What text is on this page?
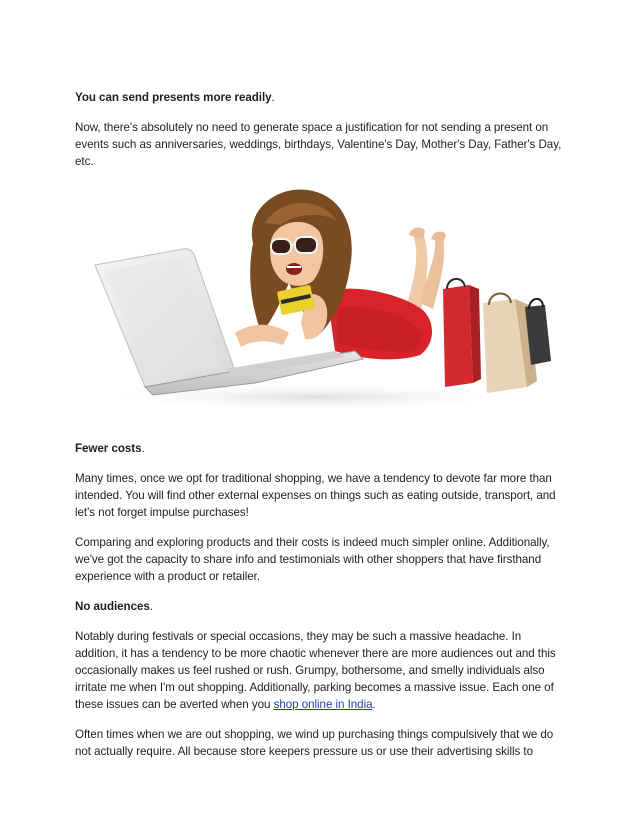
You can send presents more readily.

Now, there's absolutely no need to generate space a justification for not sending a present on events such as anniversaries, weddings, birthdays, Valentine's Day, Mother's Day, Father's Day, etc.

Fewer costs.

Many times, once we opt for traditional shopping, we have a tendency to devote far more than intended. You will find other external expenses on things such as eating outside, transport, and let's not forget impulse purchases!

Comparing and exploring products and their costs is indeed much simpler online. Additionally, we've got the capacity to share info and testimonials with other shoppers that have firsthand experience with a product or retailer.

No audiences.

Notably during festivals or special occasions, they may be such a massive headache. In addition, it has a tendency to be more chaotic whenever there are more audiences out and this occasionally makes us feel rushed or rush. Grumpy, bothersome, and smelly individuals also irritate me when I'm out shopping. Additionally, parking becomes a massive issue. Each one of these issues can be averted when you shop online in India.

Often times when we are out shopping, we wind up purchasing things compulsively that we do not actually require. All because store keepers pressure us or use their advertising skills to
